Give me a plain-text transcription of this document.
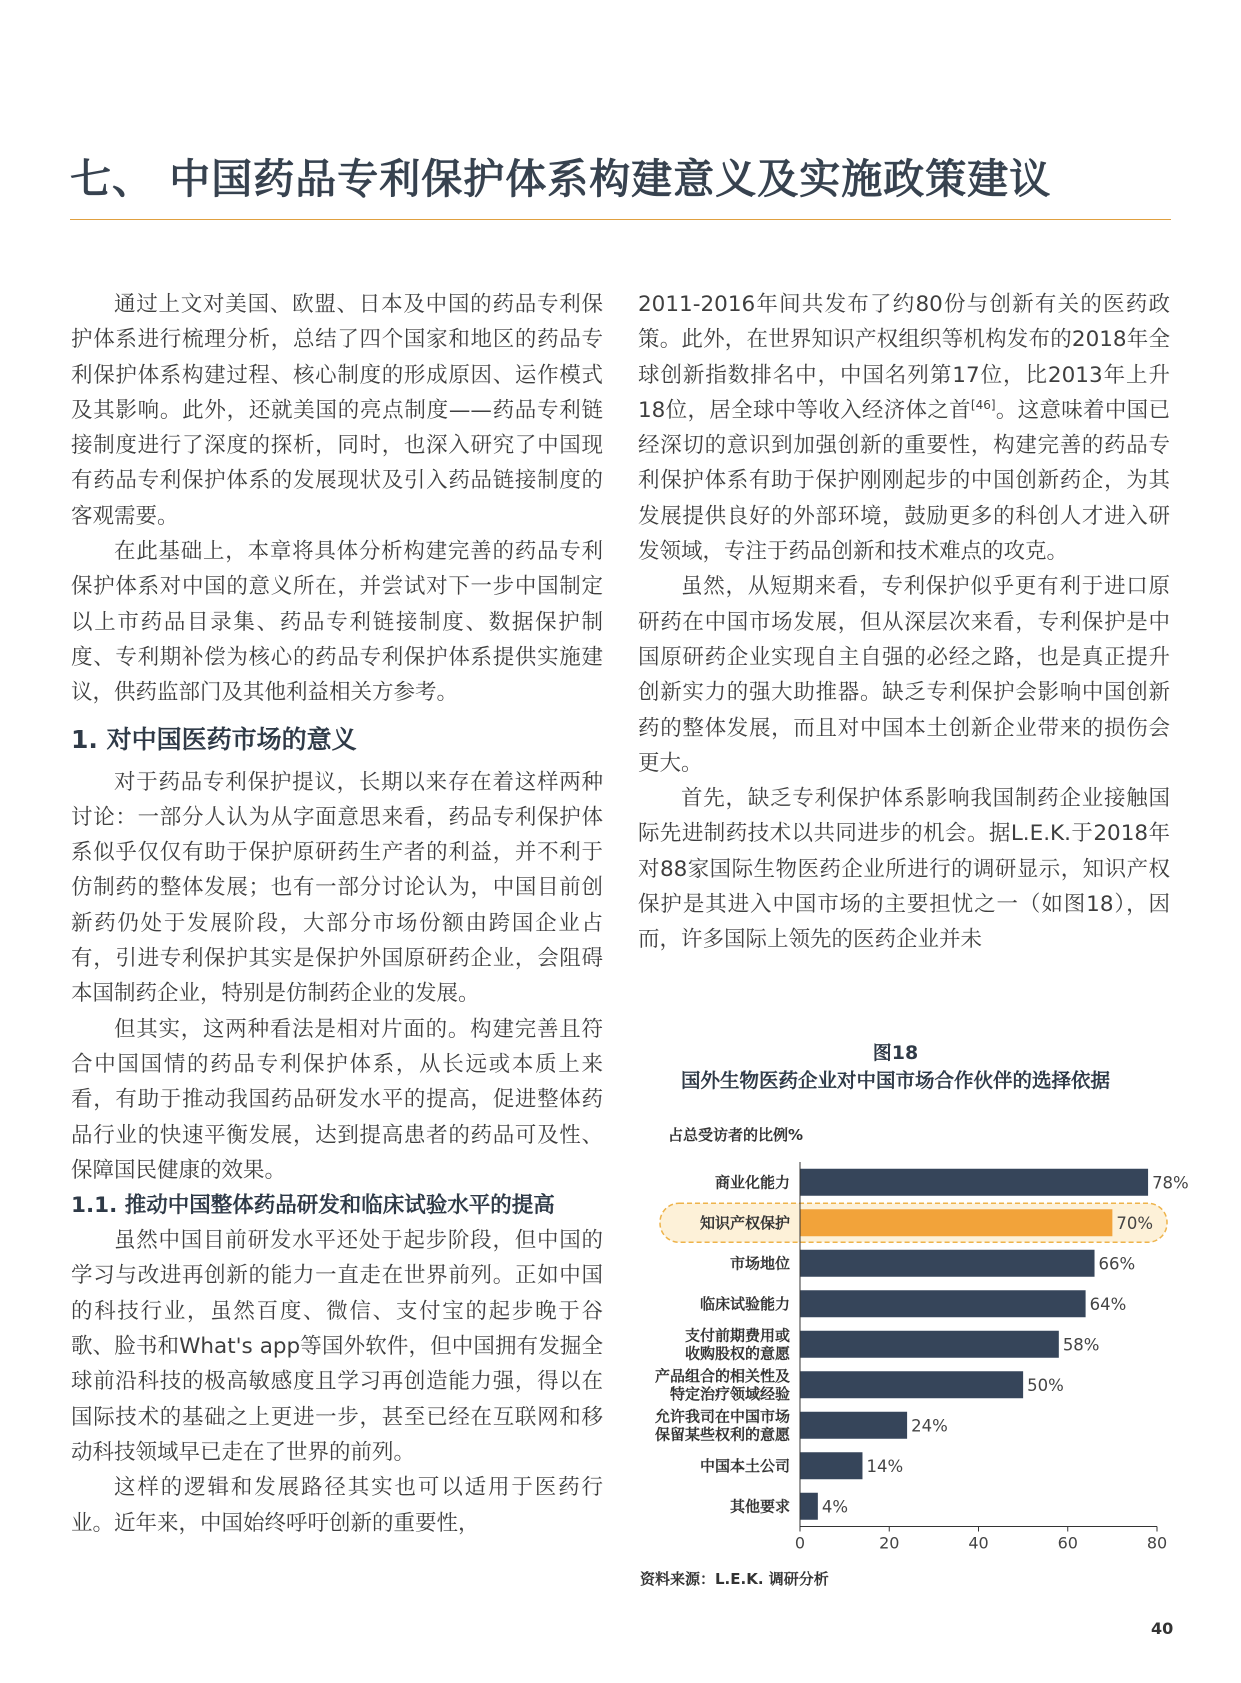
七、 中国药品专利保护体系构建意义及实施政策建议

通过上文对美国、欧盟、日本及中国的药品专利保护体系进行梳理分析，总结了四个国家和地区的药品专利保护体系构建过程、核心制度的形成原因、运作模式及其影响。此外，还就美国的亮点制度——药品专利链接制度进行了深度的探析，同时，也深入研究了中国现有药品专利保护体系的发展现状及引入药品链接制度的客观需要。

在此基础上，本章将具体分析构建完善的药品专利保护体系对中国的意义所在，并尝试对下一步中国制定以上市药品目录集、药品专利链接制度、数据保护制度、专利期补偿为核心的药品专利保护体系提供实施建议，供药监部门及其他利益相关方参考。

1. 对中国医药市场的意义

对于药品专利保护提议，长期以来存在着这样两种讨论：一部分人认为从字面意思来看，药品专利保护体系似乎仅仅有助于保护原研药生产者的利益，并不利于仿制药的整体发展；也有一部分讨论认为，中国目前创新药仍处于发展阶段，大部分市场份额由跨国企业占有，引进专利保护其实是保护外国原研药企业，会阻碍本国制药企业，特别是仿制药企业的发展。

但其实，这两种看法是相对片面的。构建完善且符合中国国情的药品专利保护体系，从长远或本质上来看，有助于推动我国药品研发水平的提高，促进整体药品行业的快速平衡发展，达到提高患者的药品可及性、保障国民健康的效果。

1.1. 推动中国整体药品研发和临床试验水平的提高

虽然中国目前研发水平还处于起步阶段，但中国的学习与改进再创新的能力一直走在世界前列。正如中国的科技行业，虽然百度、微信、支付宝的起步晚于谷歌、脸书和What's app等国外软件，但中国拥有发掘全球前沿科技的极高敏感度且学习再创造能力强，得以在国际技术的基础之上更进一步，甚至已经在互联网和移动科技领域早已走在了世界的前列。

这样的逻辑和发展路径其实也可以适用于医药行业。近年来，中国始终呼吁创新的重要性，

2011-2016年间共发布了约80份与创新有关的医药政策。此外，在世界知识产权组织等机构发布的2018年全球创新指数排名中，中国名列第17位，比2013年上升18位，居全球中等收入经济体之首[46]。这意味着中国已经深切的意识到加强创新的重要性，构建完善的药品专利保护体系有助于保护刚刚起步的中国创新药企，为其发展提供良好的外部环境，鼓励更多的科创人才进入研发领域，专注于药品创新和技术难点的攻克。

虽然，从短期来看，专利保护似乎更有利于进口原研药在中国市场发展，但从深层次来看，专利保护是中国原研药企业实现自主自强的必经之路，也是真正提升创新实力的强大助推器。缺乏专利保护会影响中国创新药的整体发展，而且对中国本土创新企业带来的损伤会更大。

首先，缺乏专利保护体系影响我国制药企业接触国际先进制药技术以共同进步的机会。据L.E.K.于2018年对88家国际生物医药企业所进行的调研显示，知识产权保护是其进入中国市场的主要担忧之一（如图18），因而，许多国际上领先的医药企业并未

图18
国外生物医药企业对中国市场合作伙伴的选择依据
占总受访者的比例%
78%
商业化能力
70%
知识产权保护
66%
市场地位
64%
临床试验能力
58%
支付前期费用或
收购股权的意愿
50%
产品组合的相关性及
特定治疗领域经验
24%
允许我司在中国市场
保留某些权利的意愿
14%
中国本土公司
4%
其他要求
0	20	40	60	80
资料来源：L.E.K. 调研分析
40
